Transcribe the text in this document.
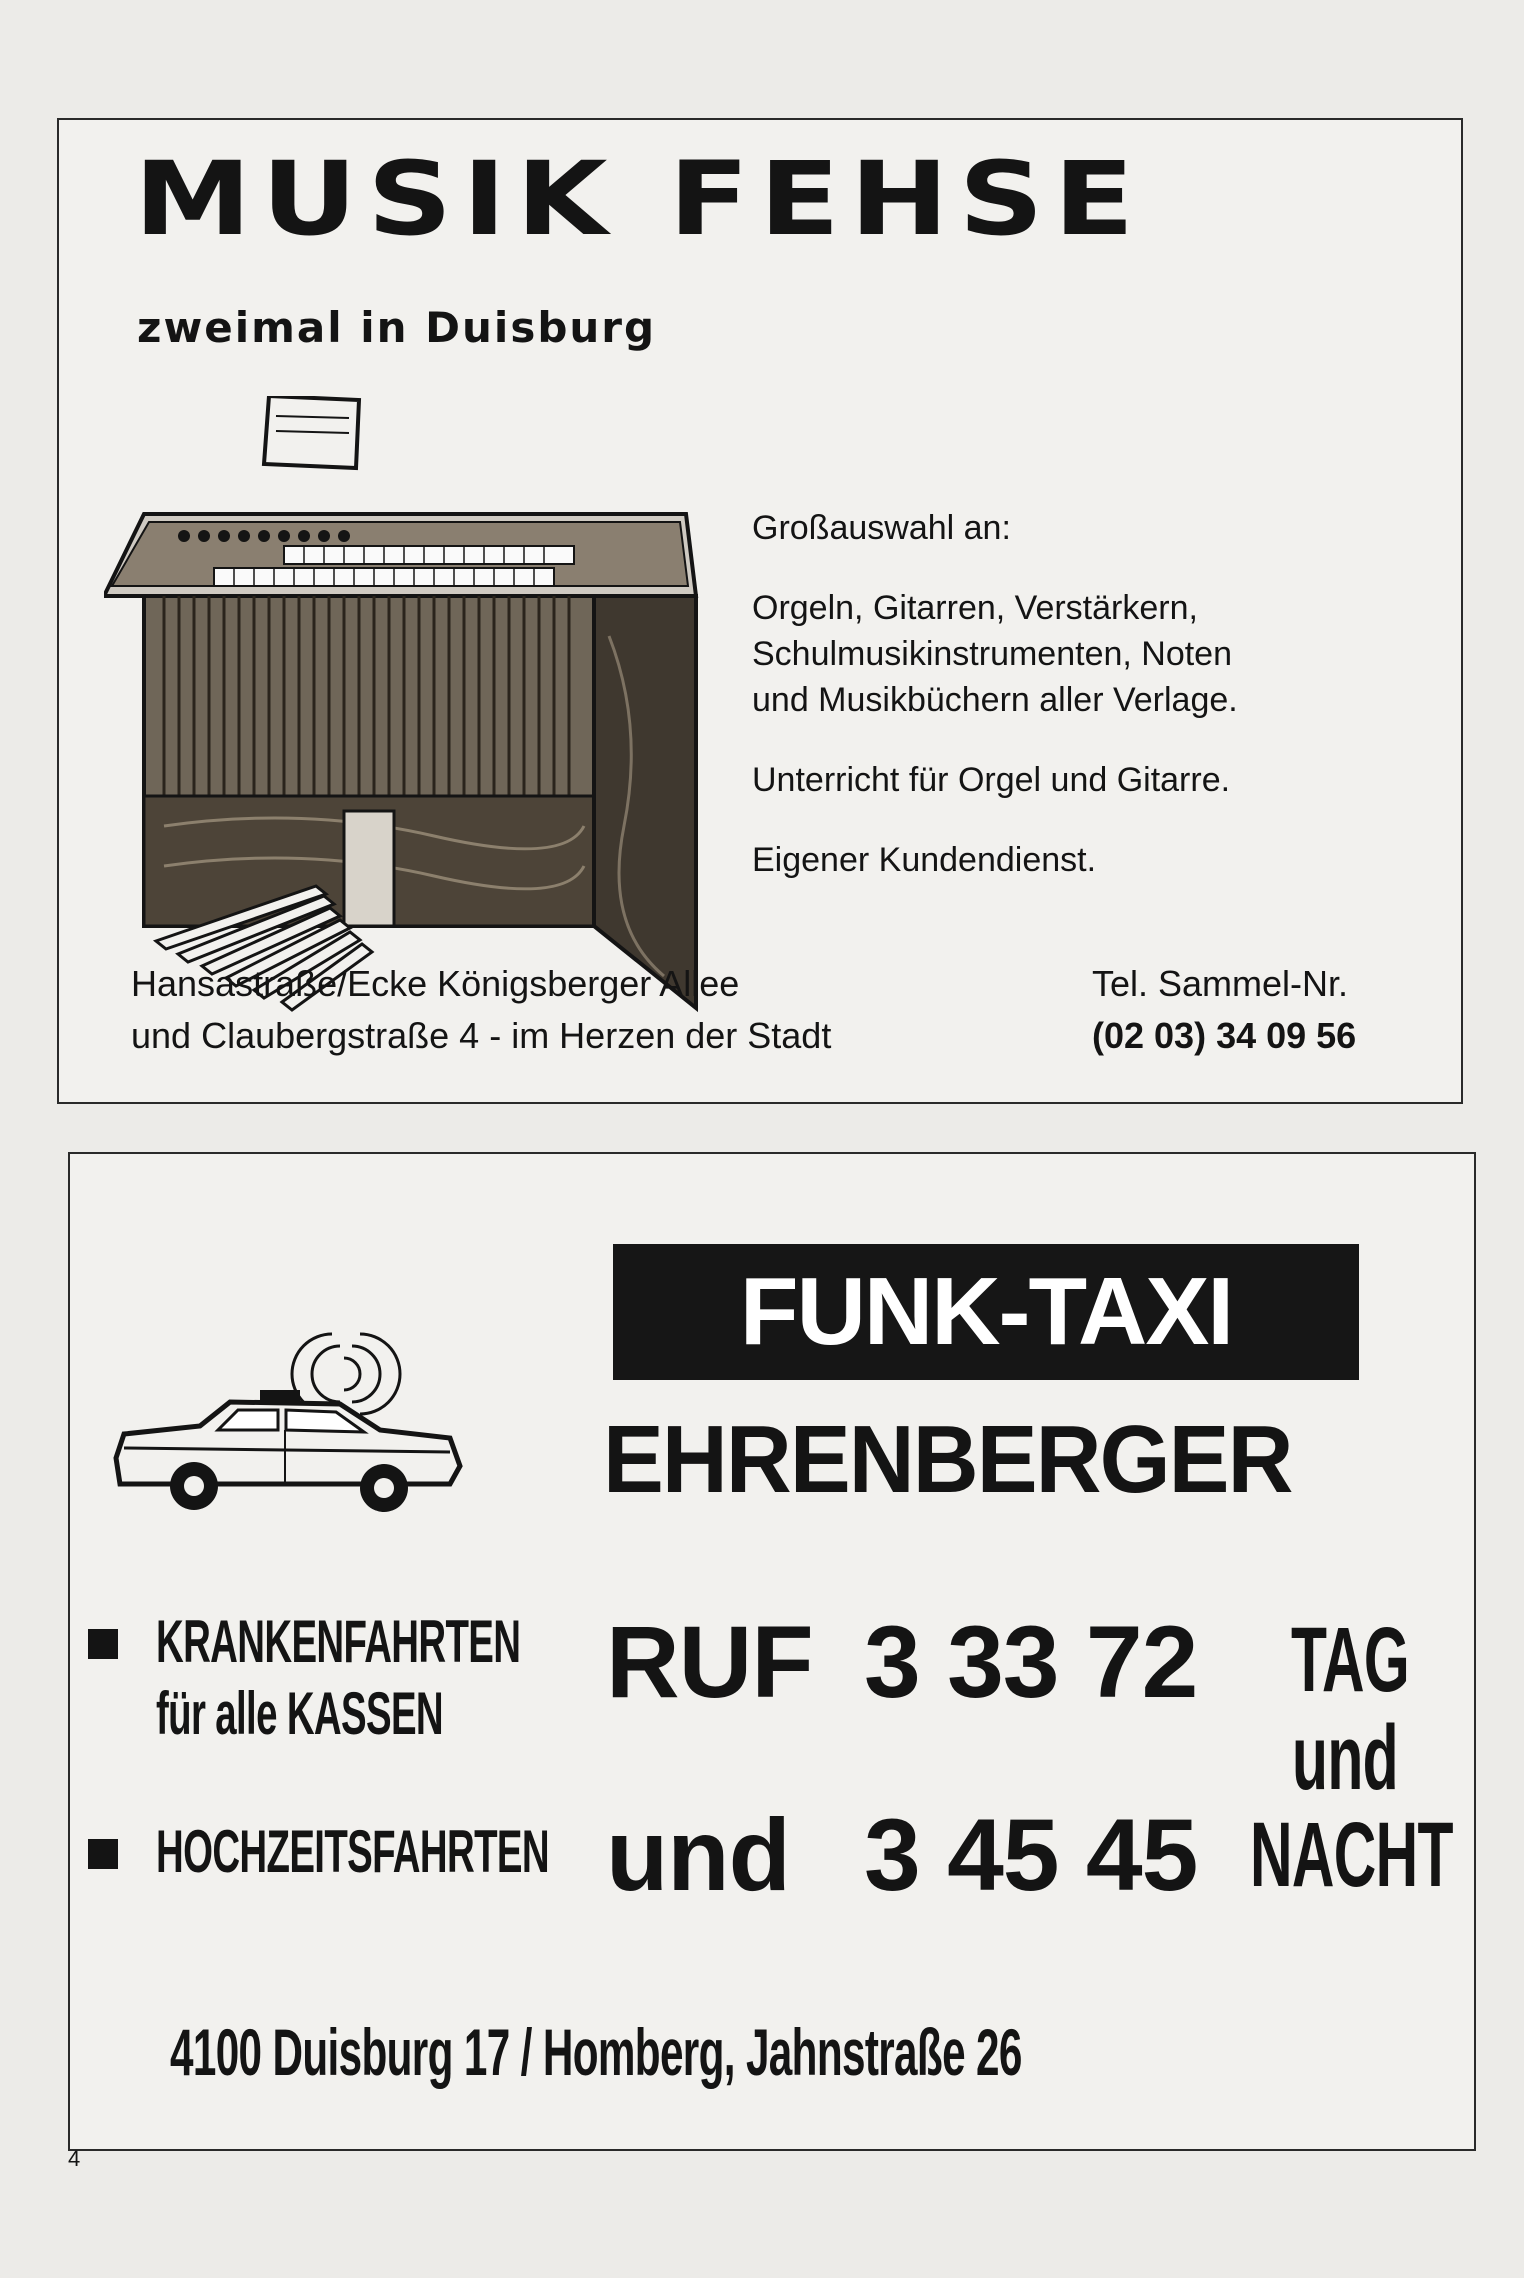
MUSIK FEHSE
zweimal in Duisburg

Großauswahl an:

Orgeln, Gitarren, Verstärkern,
Schulmusikinstrumenten, Noten
und Musikbüchern aller Verlage.

Unterricht für Orgel und Gitarre.

Eigener Kundendienst.

Hansastraße/Ecke Königsberger Allee
und Claubergstraße 4 - im Herzen der Stadt
Tel. Sammel-Nr.
(02 03) 34 09 56
FUNK-TAXI
EHRENBERGER
KRANKENFAHRTEN
für alle KASSEN
HOCHZEITSFAHRTEN
RUF 3 33 72
und 3 45 45
TAG
und
NACHT
4100 Duisburg 17 / Homberg, Jahnstraße 26
4
